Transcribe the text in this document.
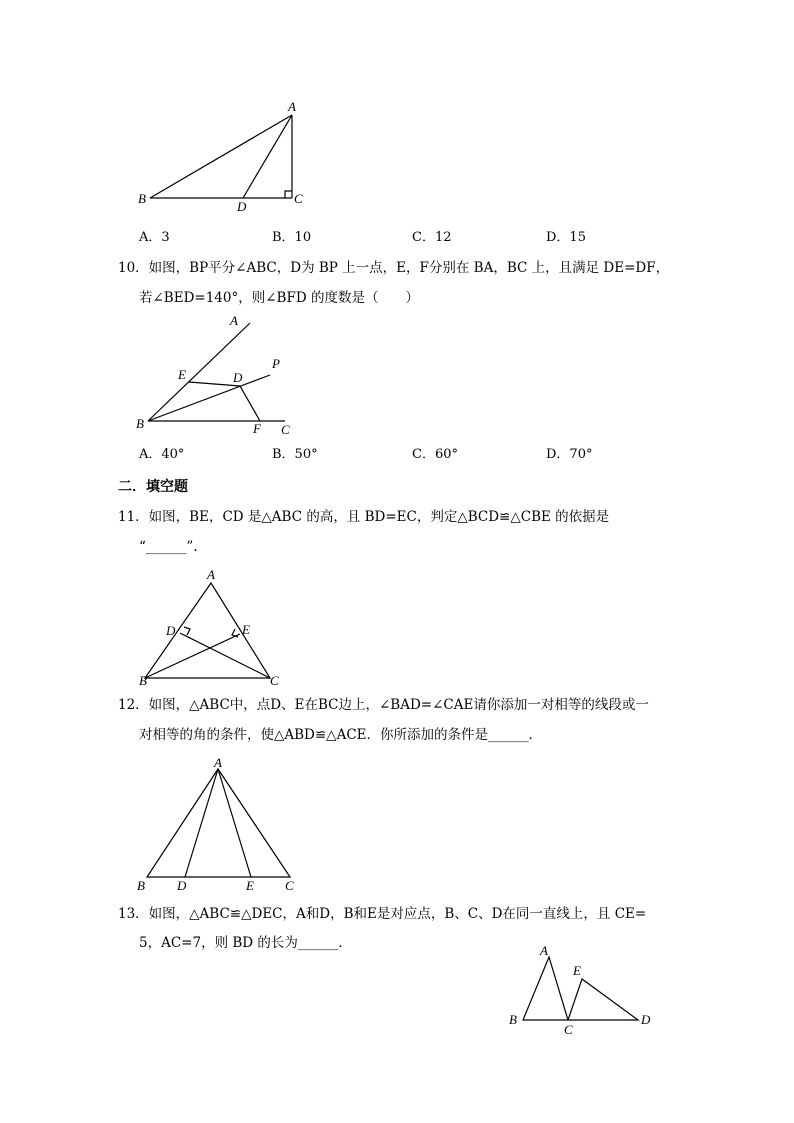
A
B	C
D
A．3	B．10	C．12	D．15
10．如图，BP平分∠ABC，D为 BP 上一点，E，F分别在 BA，BC 上，且满足 DE=DF，
若∠BED=140°，则∠BFD 的度数是（　　）
A
B	C
D
E
F
P
A．40°	B．50°	C．60°	D．70°
二．填空题
11．如图，BE，CD 是△ABC 的高，且 BD=EC，判定△BCD≌△CBE 的依据是
“______”.
A
B	C
D	E
12．如图，△ABC中，点D、E在BC边上，∠BAD=∠CAE请你添加一对相等的线段或一
对相等的角的条件，使△ABD≌△ACE．你所添加的条件是______．
A
B	C
D	E
13．如图，△ABC≌△DEC，A和D，B和E是对应点，B、C、D在同一直线上，且 CE=
5，AC=7，则 BD 的长为______．	A
B
C
D
E
